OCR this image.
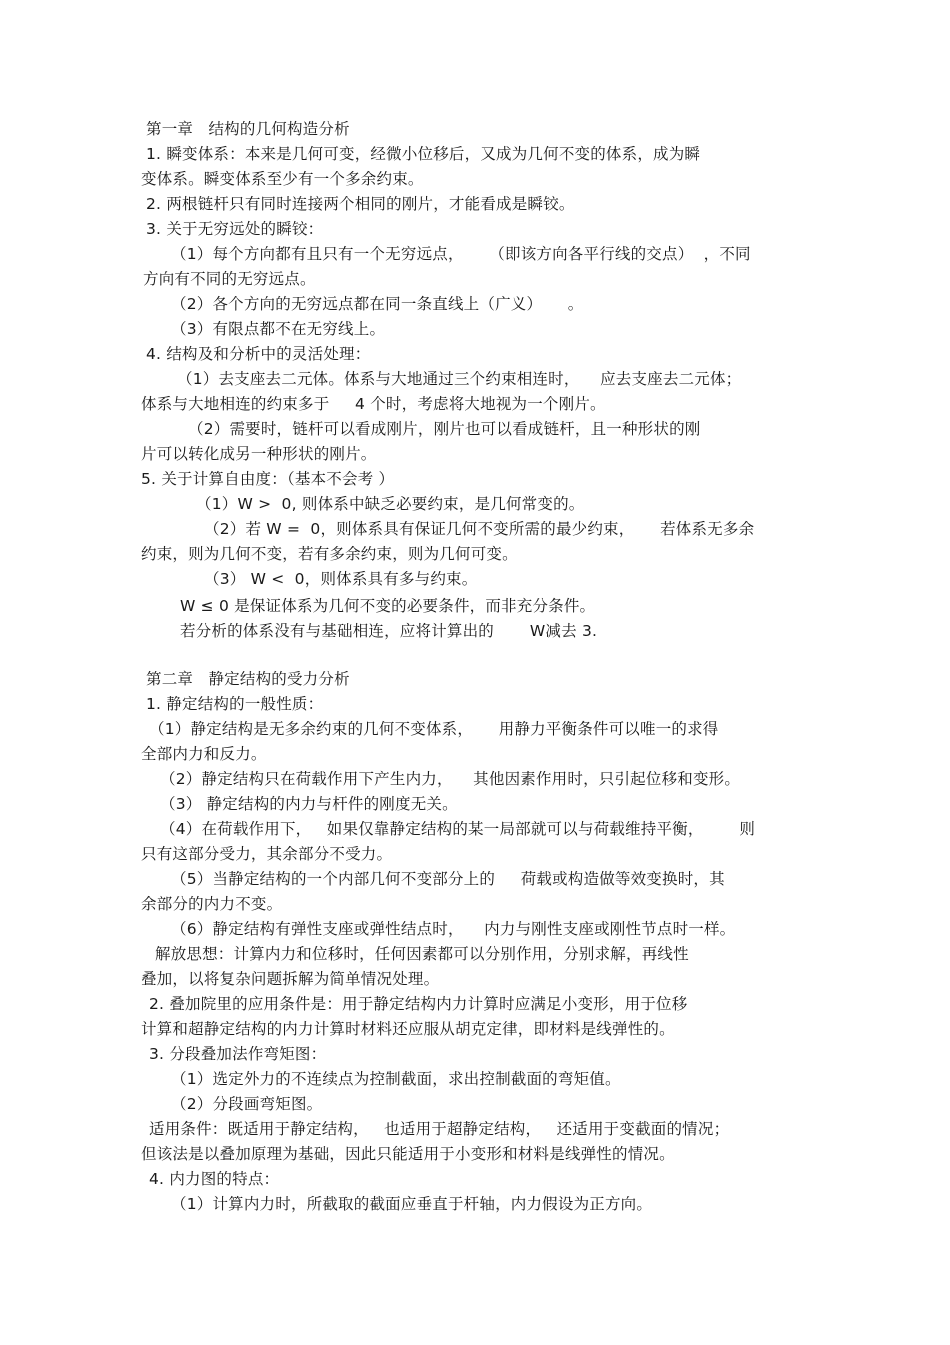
第一章   结构的几何构造分析
1. 瞬变体系：本来是几何可变，经微小位移后，又成为几何不变的体系，成为瞬
变体系。瞬变体系至少有一个多余约束。
2. 两根链杆只有同时连接两个相同的刚片，才能看成是瞬铰。
3. 关于无穷远处的瞬铰：
（1）每个方向都有且只有一个无穷远点，     （即该方向各平行线的交点）  ，不同
方向有不同的无穷远点。
（2）各个方向的无穷远点都在同一条直线上（广义）     。
（3）有限点都不在无穷线上。
4. 结构及和分析中的灵活处理：
（1）去支座去二元体。体系与大地通过三个约束相连时，    应去支座去二元体；
体系与大地相连的约束多于     4 个时，考虑将大地视为一个刚片。
（2）需要时，链杆可以看成刚片，刚片也可以看成链杆，且一种形状的刚
片可以转化成另一种形状的刚片。
5. 关于计算自由度：（基本不会考 ）
（1）W >  0, 则体系中缺乏必要约束，是几何常变的。
（2）若 W =  0，则体系具有保证几何不变所需的最少约束，     若体系无多余
约束，则为几何不变，若有多余约束，则为几何可变。
（3） W <  0，则体系具有多与约束。
W ≤ 0 是保证体系为几何不变的必要条件，而非充分条件。
若分析的体系没有与基础相连，应将计算出的       W减去 3.
第二章   静定结构的受力分析
1. 静定结构的一般性质：
（1）静定结构是无多余约束的几何不变体系，     用静力平衡条件可以唯一的求得
全部内力和反力。
（2）静定结构只在荷载作用下产生内力，    其他因素作用时，只引起位移和变形。
（3） 静定结构的内力与杆件的刚度无关。
（4）在荷载作用下，   如果仅靠静定结构的某一局部就可以与荷载维持平衡，       则
只有这部分受力，其余部分不受力。
（5）当静定结构的一个内部几何不变部分上的     荷载或构造做等效变换时，其
余部分的内力不变。
（6）静定结构有弹性支座或弹性结点时，    内力与刚性支座或刚性节点时一样。
解放思想：计算内力和位移时，任何因素都可以分别作用，分别求解，再线性
叠加，以将复杂问题拆解为简单情况处理。
2. 叠加院里的应用条件是：用于静定结构内力计算时应满足小变形，用于位移
计算和超静定结构的内力计算时材料还应服从胡克定律，即材料是线弹性的。
3. 分段叠加法作弯矩图：
（1）选定外力的不连续点为控制截面，求出控制截面的弯矩值。
（2）分段画弯矩图。
适用条件：既适用于静定结构，   也适用于超静定结构，   还适用于变截面的情况；
但该法是以叠加原理为基础，因此只能适用于小变形和材料是线弹性的情况。
4. 内力图的特点：
（1）计算内力时，所截取的截面应垂直于杆轴，内力假设为正方向。
